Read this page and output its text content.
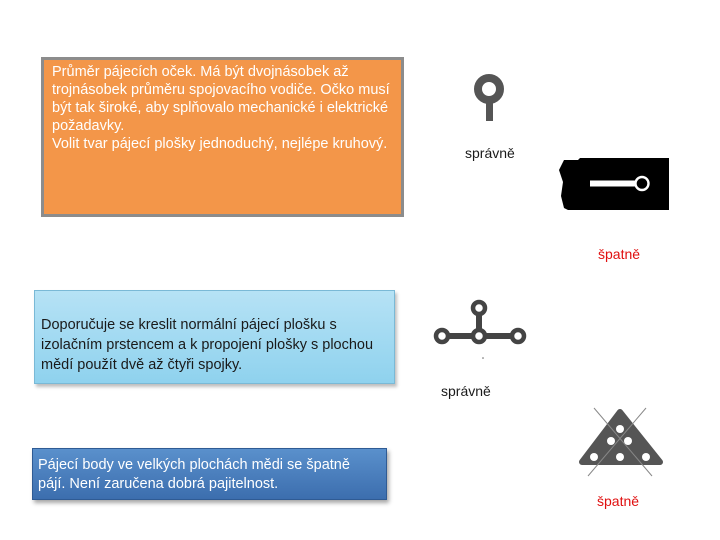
Průměr pájecích oček. Má být dvojnásobek až trojnásobek průměru spojovacího vodiče. Očko musí být tak široké, aby splňovalo mechanické i elektrické požadavky.

Volit tvar pájecí plošky jednoduchý, nejlépe kruhový.

Doporučuje se kreslit normální pájecí plošku s izolačním prstencem a k propojení plošky s plochou mědí použít dvě až čtyři spojky.

Pájecí body ve velkých plochách mědi se špatně pájí. Není zaručena dobrá pajitelnost.

správně
špatně
správně
špatně
